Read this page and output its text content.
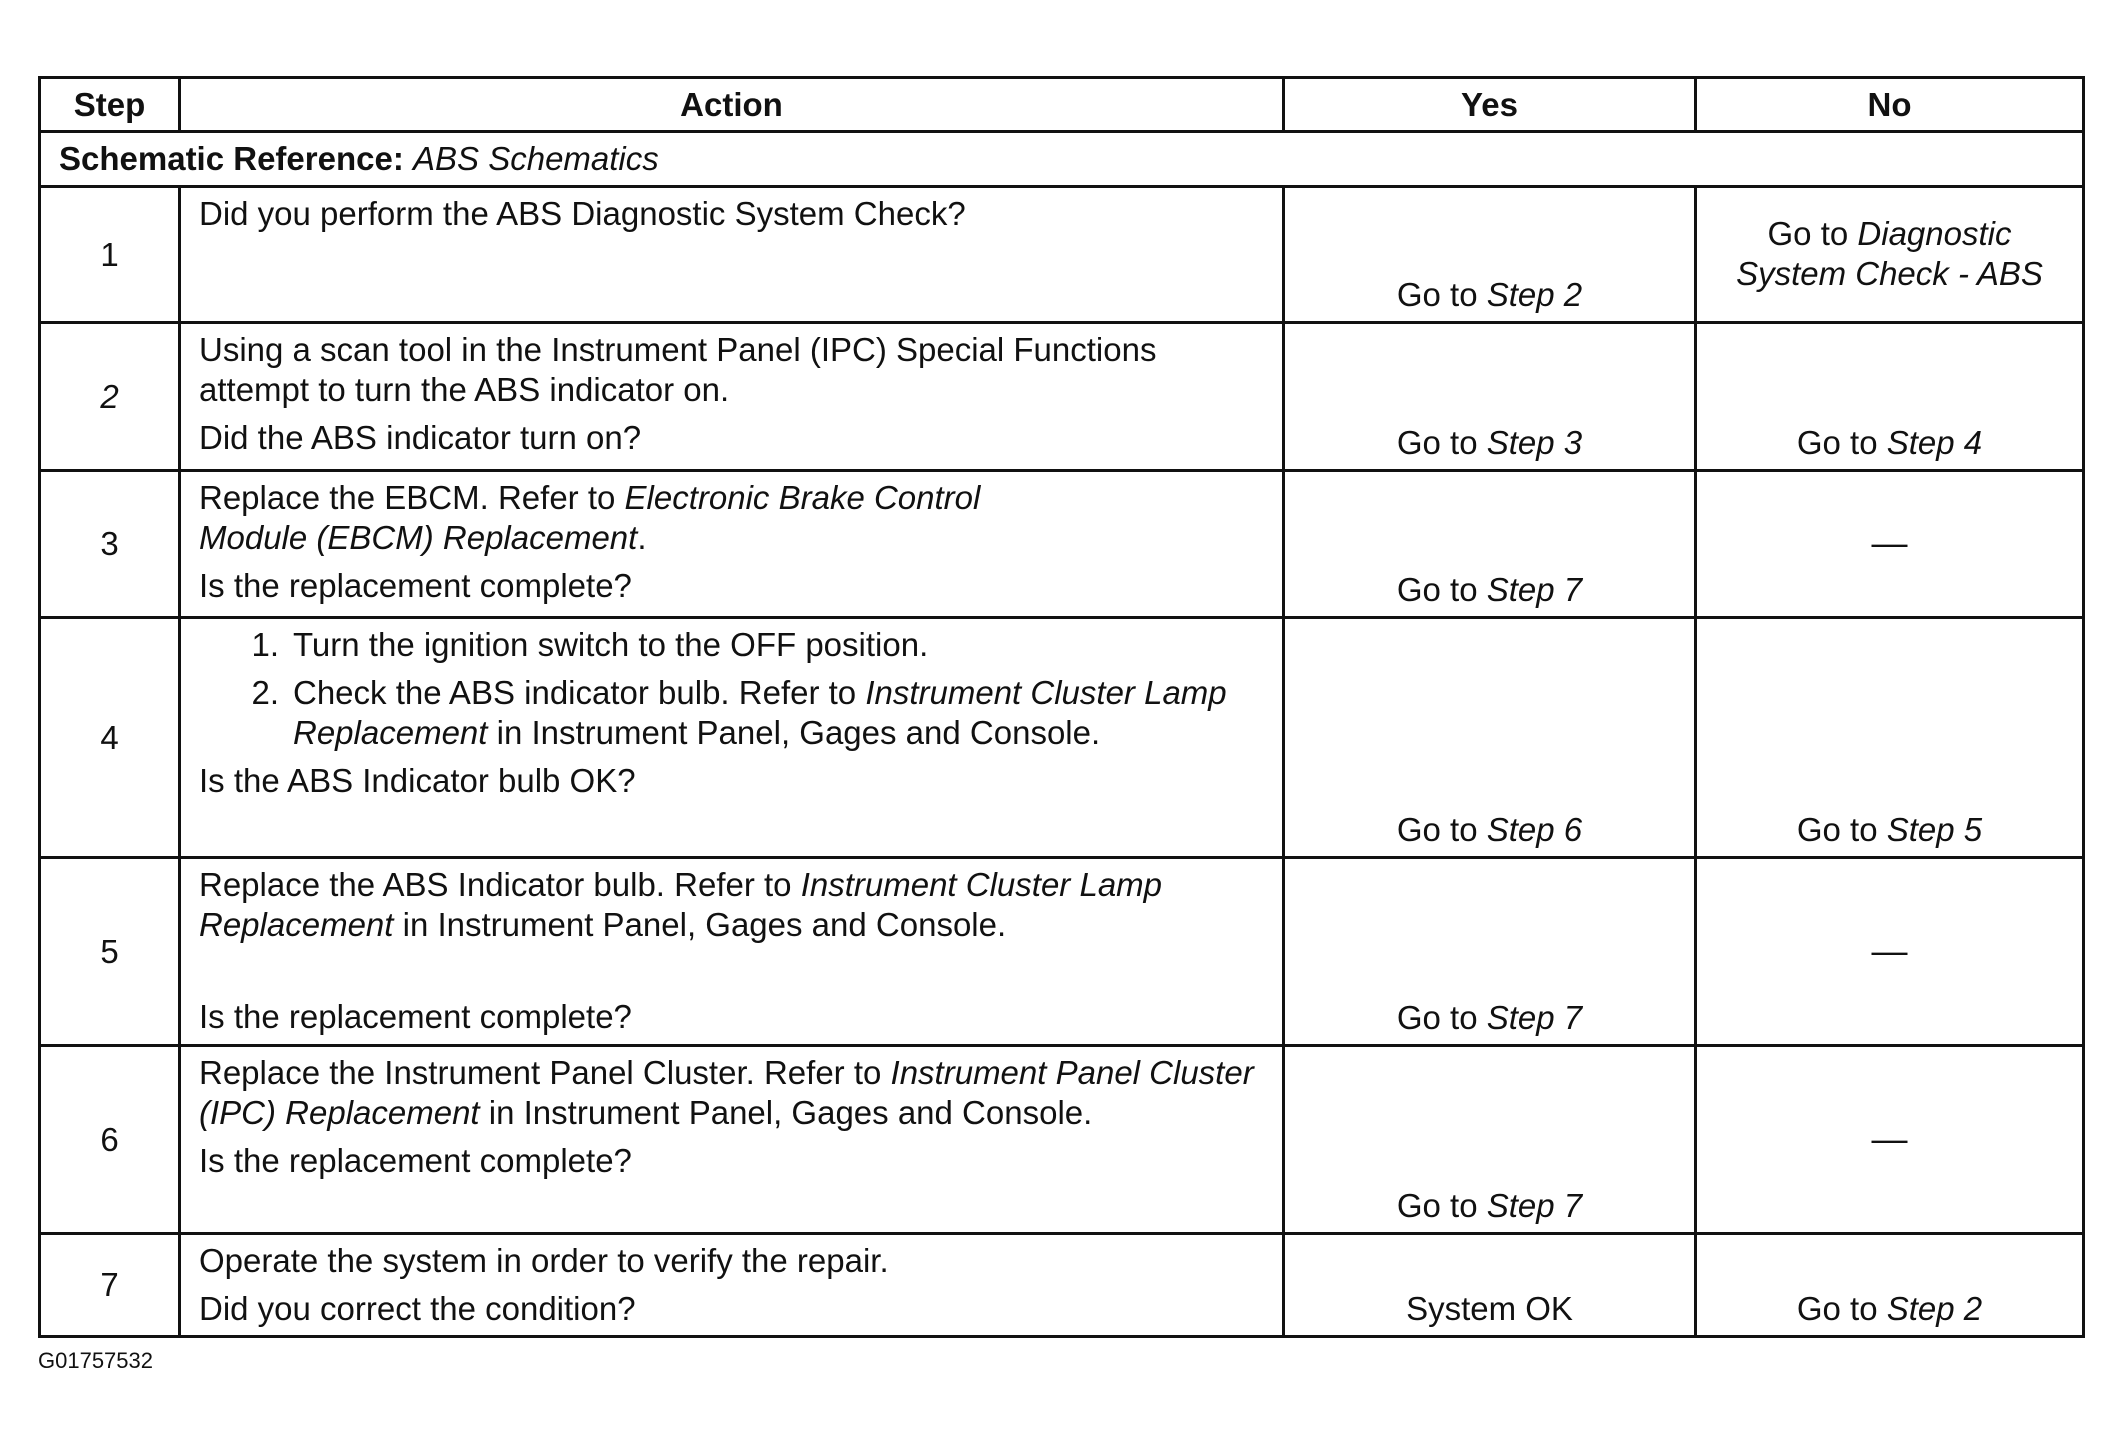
Step	Action	Yes	No
Schematic Reference: ABS Schematics			
1	Did you perform the ABS Diagnostic System Check?	Go to Step 2	Go to Diagnostic
System Check - ABS
2	Using a scan tool in the Instrument Panel (IPC) Special Functions attempt to turn the ABS indicator on.
Did the ABS indicator turn on?	Go to Step 3	Go to Step 4
3	Replace the EBCM. Refer to Electronic Brake Control
Module (EBCM) Replacement.
Is the replacement complete?	Go to Step 7	—
4	1. Turn the ignition switch to the OFF position.
2. Check the ABS indicator bulb. Refer to Instrument Cluster Lamp Replacement in Instrument Panel, Gages and Console.
Is the ABS Indicator bulb OK?	Go to Step 6	Go to Step 5
5	Replace the ABS Indicator bulb. Refer to Instrument Cluster Lamp Replacement in Instrument Panel, Gages and Console.
Is the replacement complete?	Go to Step 7	—
6	Replace the Instrument Panel Cluster. Refer to Instrument Panel Cluster (IPC) Replacement in Instrument Panel, Gages and Console.
Is the replacement complete?	Go to Step 7	—
7	Operate the system in order to verify the repair.
Did you correct the condition?	System OK	Go to Step 2
G01757532
